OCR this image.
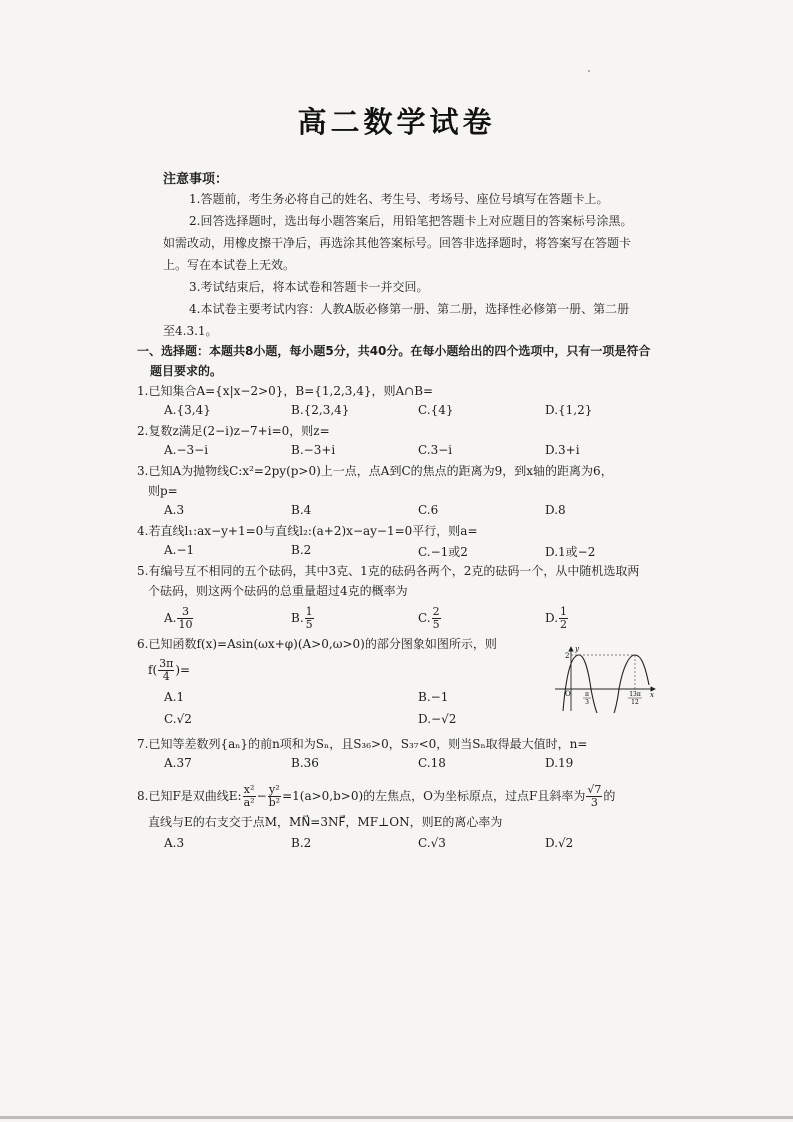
高二数学试卷
注意事项：

1.答题前，考生务必将自己的姓名、考生号、考场号、座位号填写在答题卡上。

2.回答选择题时，选出每小题答案后，用铅笔把答题卡上对应题目的答案标号涂黑。如需改动，用橡皮擦干净后，再选涂其他答案标号。回答非选择题时，将答案写在答题卡上。写在本试卷上无效。

3.考试结束后，将本试卷和答题卡一并交回。

4.本试卷主要考试内容：人教A版必修第一册、第二册，选择性必修第一册、第二册至4.3.1。

一、选择题：本题共8小题，每小题5分，共40分。在每小题给出的四个选项中，只有一项是符合
题目要求的。
1.已知集合A={x|x−2>0}，B={1,2,3,4}，则A∩B=
A.{3,4}	B.{2,3,4}	C.{4}	D.{1,2}
2.复数z满足(2−i)z−7+i=0，则z=
A.−3−i	B.−3+i	C.3−i	D.3+i
3.已知A为抛物线C:x²=2py(p>0)上一点，点A到C的焦点的距离为9，到x轴的距离为6，
则p=
A.3	B.4	C.6	D.8
4.若直线l₁:ax−y+1=0与直线l₂:(a+2)x−ay−1=0平行，则a=
A.−1	B.2	C.−1或2	D.1或−2
5.有编号互不相同的五个砝码，其中3克、1克的砝码各两个，2克的砝码一个，从中随机选取两
个砝码，则这两个砝码的总重量超过4克的概率为
A. $\frac{3}{10}$	B. $\frac{1}{5}$	C. $\frac{2}{5}$	D. $\frac{1}{2}$
6.已知函数f(x)=Asin(ωx+φ)(A>0,ω>0)的部分图象如图所示，则
$f( \frac{3\pi}{4}$ )=
A.1	B.−1
C.√2	D.−√2
2
O
y
x
π
3
13π
12
7.已知等差数列{aₙ}的前n项和为Sₙ，且S₃₆>0，S₃₇<0，则当Sₙ取得最大值时，n=
A.37	B.36	C.18	D.19
8.已知F是双曲线E: $\frac{\text{x²}}{\text{a²}} - \frac{\text{y²}}{\text{b²}} =1(a>0,b>0)$的左焦点，O为坐标原点，过点F且斜率为 $\frac{√7}{3}$ 的
直线与E的右支交于点M，MN⃗=3NF⃗，MF⊥ON，则E的离心率为
A.3	B.2	C.√3	D.√2
